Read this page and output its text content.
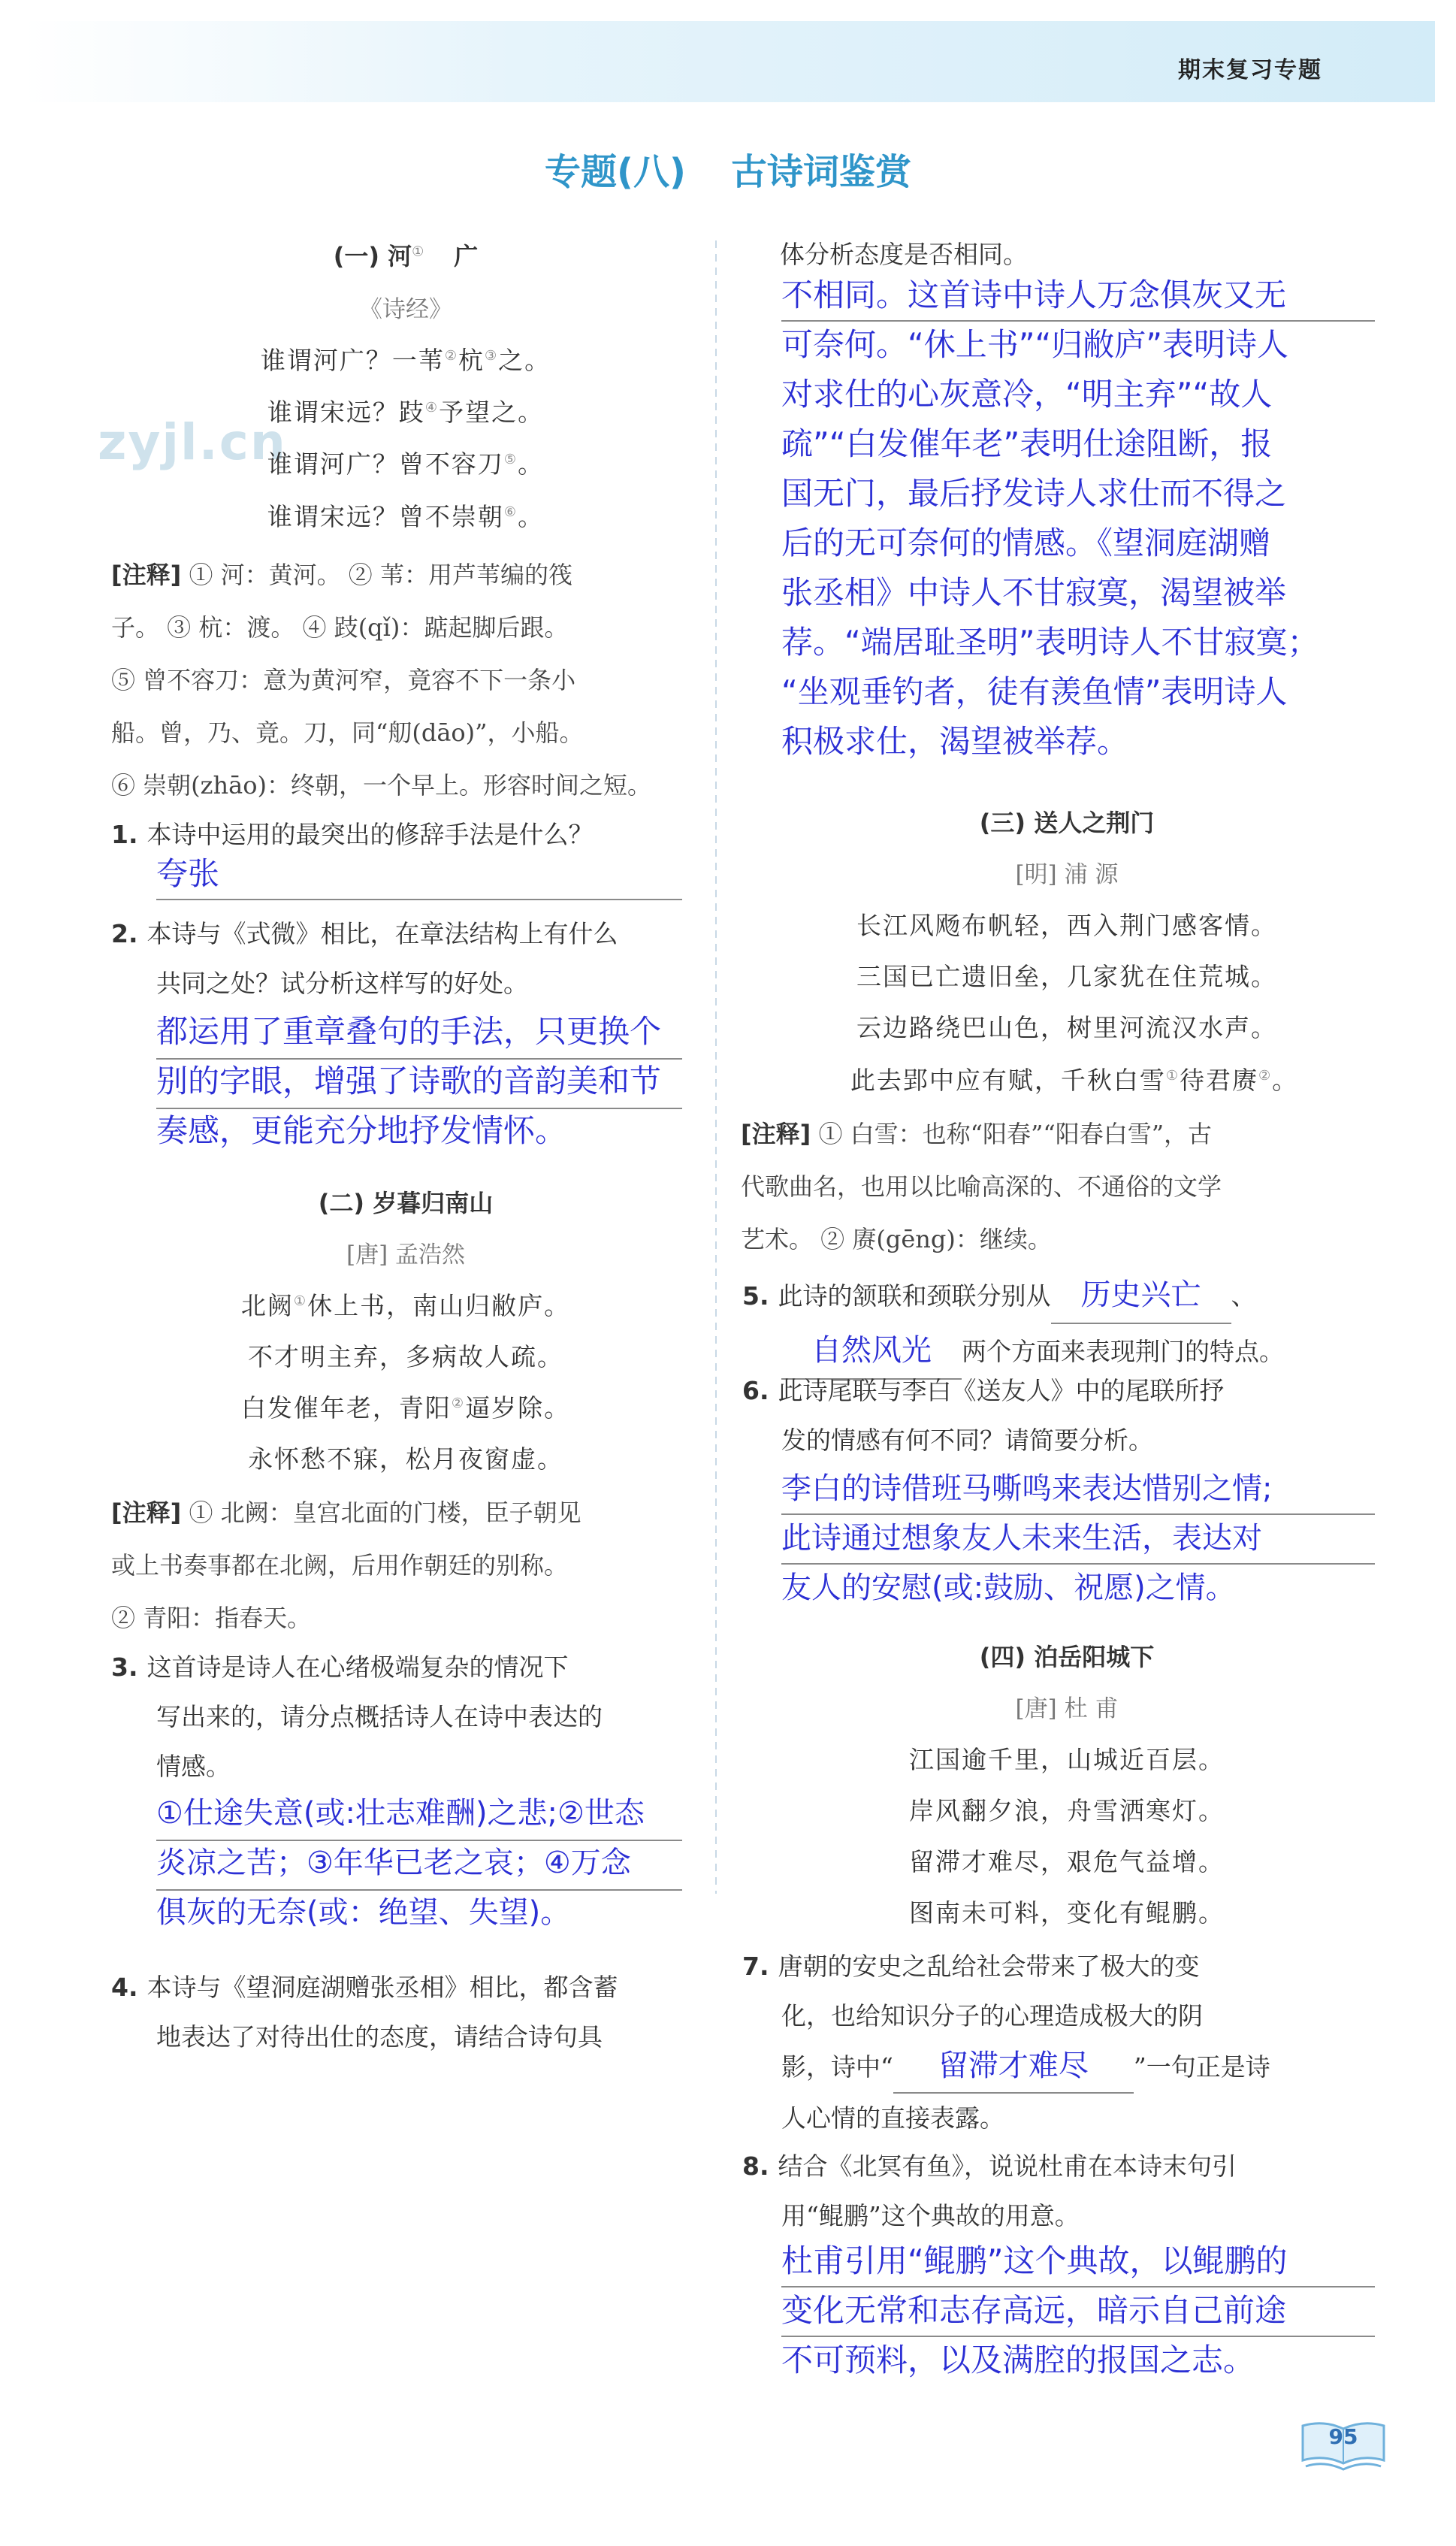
期末复习专题
专题(八) 古诗词鉴赏
zyjl.cn
(一) 河① 广
《诗经》
谁谓河广？一苇②杭③之。
谁谓宋远？跂④予望之。
谁谓河广？曾不容刀⑤。
谁谓宋远？曾不崇朝⑥。
[注释] ① 河：黄河。 ② 苇：用芦苇编的筏
子。 ③ 杭：渡。 ④ 跂(qǐ)：踮起脚后跟。
⑤ 曾不容刀：意为黄河窄，竟容不下一条小
船。曾，乃、竟。刀，同“舠(dāo)”，小船。
⑥ 崇朝(zhāo)：终朝，一个早上。形容时间之短。
1. 本诗中运用的最突出的修辞手法是什么？
夸张
2. 本诗与《式微》相比，在章法结构上有什么
共同之处？试分析这样写的好处。
都运用了重章叠句的手法，只更换个
别的字眼，增强了诗歌的音韵美和节
奏感，更能充分地抒发情怀。
(二) 岁暮归南山
[唐] 孟浩然
北阙①休上书，南山归敝庐。
不才明主弃，多病故人疏。
白发催年老，青阳②逼岁除。
永怀愁不寐，松月夜窗虚。
[注释] ① 北阙：皇宫北面的门楼，臣子朝见
或上书奏事都在北阙，后用作朝廷的别称。
② 青阳：指春天。
3. 这首诗是诗人在心绪极端复杂的情况下
写出来的，请分点概括诗人在诗中表达的
情感。
①仕途失意(或:壮志难酬)之悲;②世态
炎凉之苦；③年华已老之哀；④万念
俱灰的无奈(或：绝望、失望)。
4. 本诗与《望洞庭湖赠张丞相》相比，都含蓄
地表达了对待出仕的态度，请结合诗句具
体分析态度是否相同。
不相同。这首诗中诗人万念俱灰又无
可奈何。“休上书”“归敝庐”表明诗人
对求仕的心灰意冷，“明主弃”“故人
疏”“白发催年老”表明仕途阻断，报
国无门，最后抒发诗人求仕而不得之
后的无可奈何的情感。《望洞庭湖赠
张丞相》中诗人不甘寂寞，渴望被举
荐。“端居耻圣明”表明诗人不甘寂寞；
“坐观垂钓者，徒有羡鱼情”表明诗人
积极求仕，渴望被举荐。
(三) 送人之荆门
[明] 浦 源
长江风飏布帆轻，西入荆门感客情。
三国已亡遗旧垒，几家犹在住荒城。
云边路绕巴山色，树里河流汉水声。
此去郢中应有赋，千秋白雪①待君赓②。
[注释] ① 白雪：也称“阳春”“阳春白雪”，古
代歌曲名，也用以比喻高深的、不通俗的文学
艺术。 ② 赓(gēng)：继续。
5. 此诗的颔联和颈联分别从 历史兴亡 、
自然风光 两个方面来表现荆门的特点。
6. 此诗尾联与李白《送友人》中的尾联所抒
发的情感有何不同？请简要分析。
李白的诗借班马嘶鸣来表达惜别之情;
此诗通过想象友人未来生活，表达对
友人的安慰(或:鼓励、祝愿)之情。
(四) 泊岳阳城下
[唐] 杜 甫
江国逾千里，山城近百层。
岸风翻夕浪，舟雪洒寒灯。
留滞才难尽，艰危气益增。
图南未可料，变化有鲲鹏。
7. 唐朝的安史之乱给社会带来了极大的变
化，也给知识分子的心理造成极大的阴
影，诗中“ 留滞才难尽 ”一句正是诗
人心情的直接表露。
8. 结合《北冥有鱼》，说说杜甫在本诗末句引
用“鲲鹏”这个典故的用意。
杜甫引用“鲲鹏”这个典故，以鲲鹏的
变化无常和志存高远，暗示自己前途
不可预料，以及满腔的报国之志。
95
